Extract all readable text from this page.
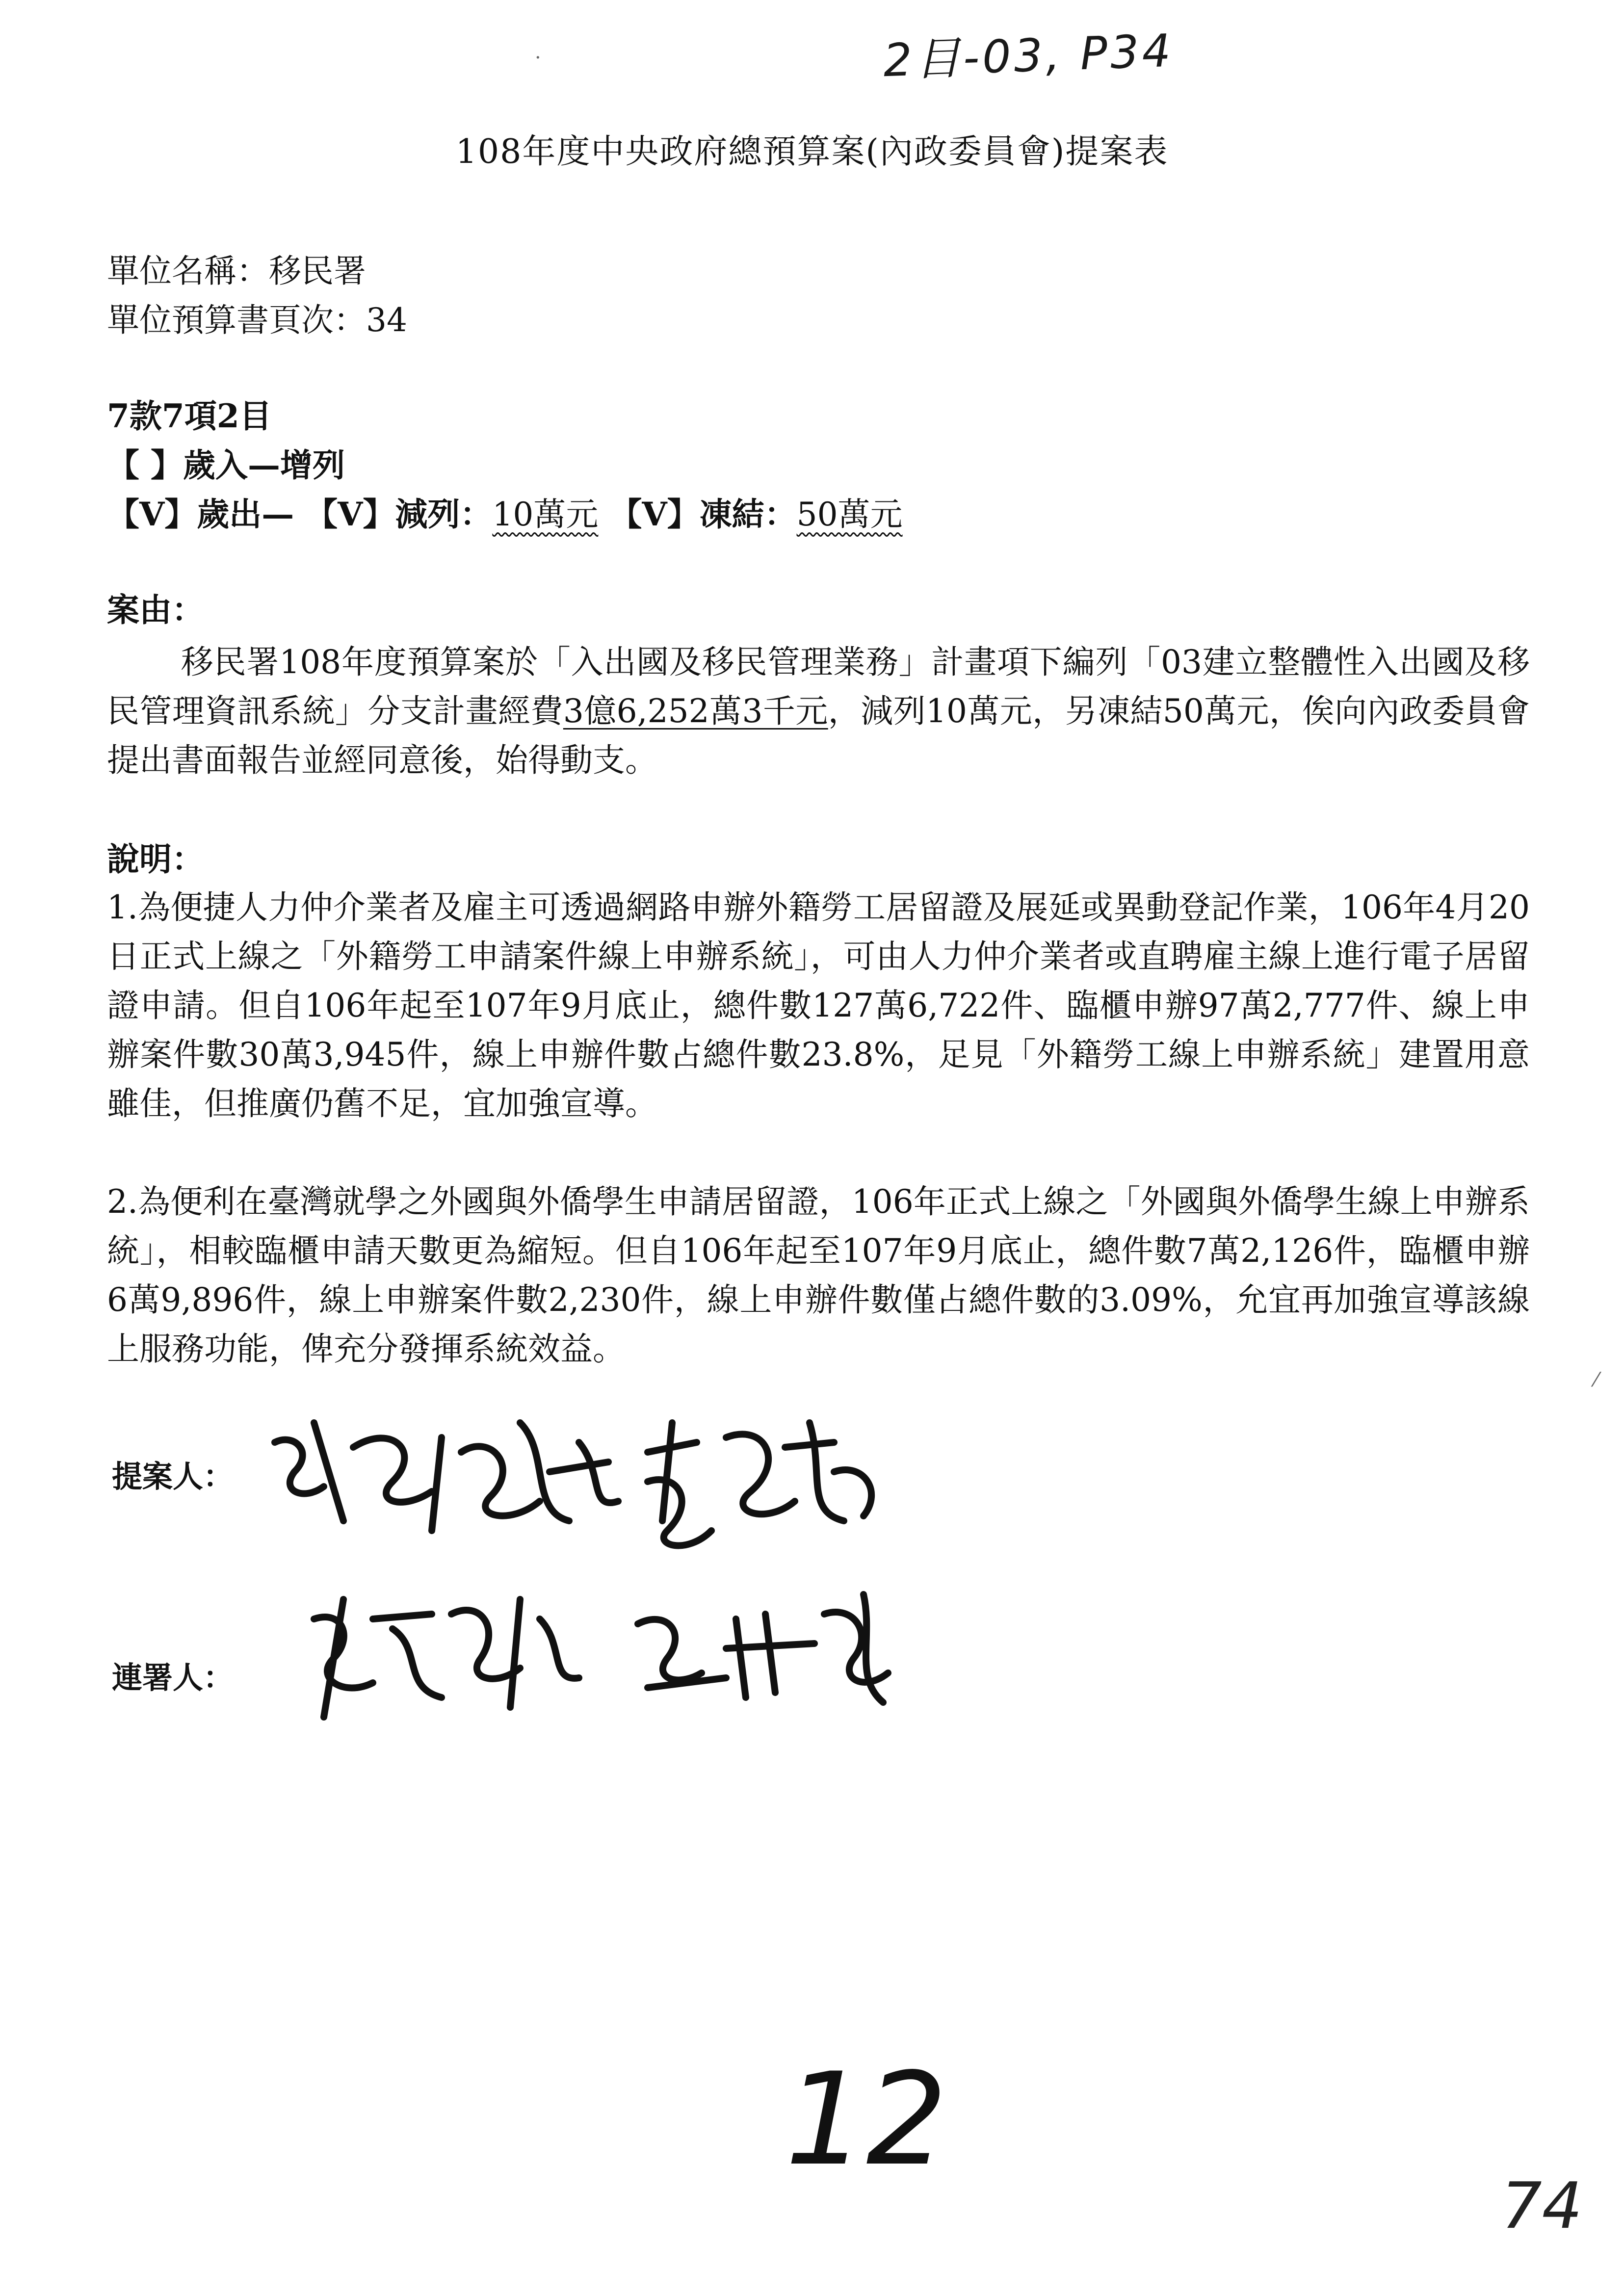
2目-03, P34
108年度中央政府總預算案(內政委員會)提案表
單位名稱：移民署
單位預算書頁次：34
7款7項2目
【 】歲入—增列
【V】歲出— 【V】減列：10萬元 【V】凍結：50萬元
案由：
移民署108年度預算案於「入出國及移民管理業務」計畫項下編列「03建立整體性入出國及移民管理資訊系統」分支計畫經費3億6,252萬3千元，減列10萬元，另凍結50萬元，俟向內政委員會提出書面報告並經同意後，始得動支。
說明：
1.為便捷人力仲介業者及雇主可透過網路申辦外籍勞工居留證及展延或異動登記作業，106年4月20日正式上線之「外籍勞工申請案件線上申辦系統」，可由人力仲介業者或直聘雇主線上進行電子居留證申請。但自106年起至107年9月底止，總件數127萬6,722件、臨櫃申辦97萬2,777件、線上申辦案件數30萬3,945件，線上申辦件數占總件數23.8%，足見「外籍勞工線上申辦系統」建置用意雖佳，但推廣仍舊不足，宜加強宣導。
2.為便利在臺灣就學之外國與外僑學生申請居留證，106年正式上線之「外國與外僑學生線上申辦系統」，相較臨櫃申請天數更為縮短。但自106年起至107年9月底止，總件數7萬2,126件，臨櫃申辦6萬9,896件，線上申辦案件數2,230件，線上申辦件數僅占總件數的3.09%，允宜再加強宣導該線上服務功能，俾充分發揮系統效益。
提案人：
連署人：
12
74
·
⁄
